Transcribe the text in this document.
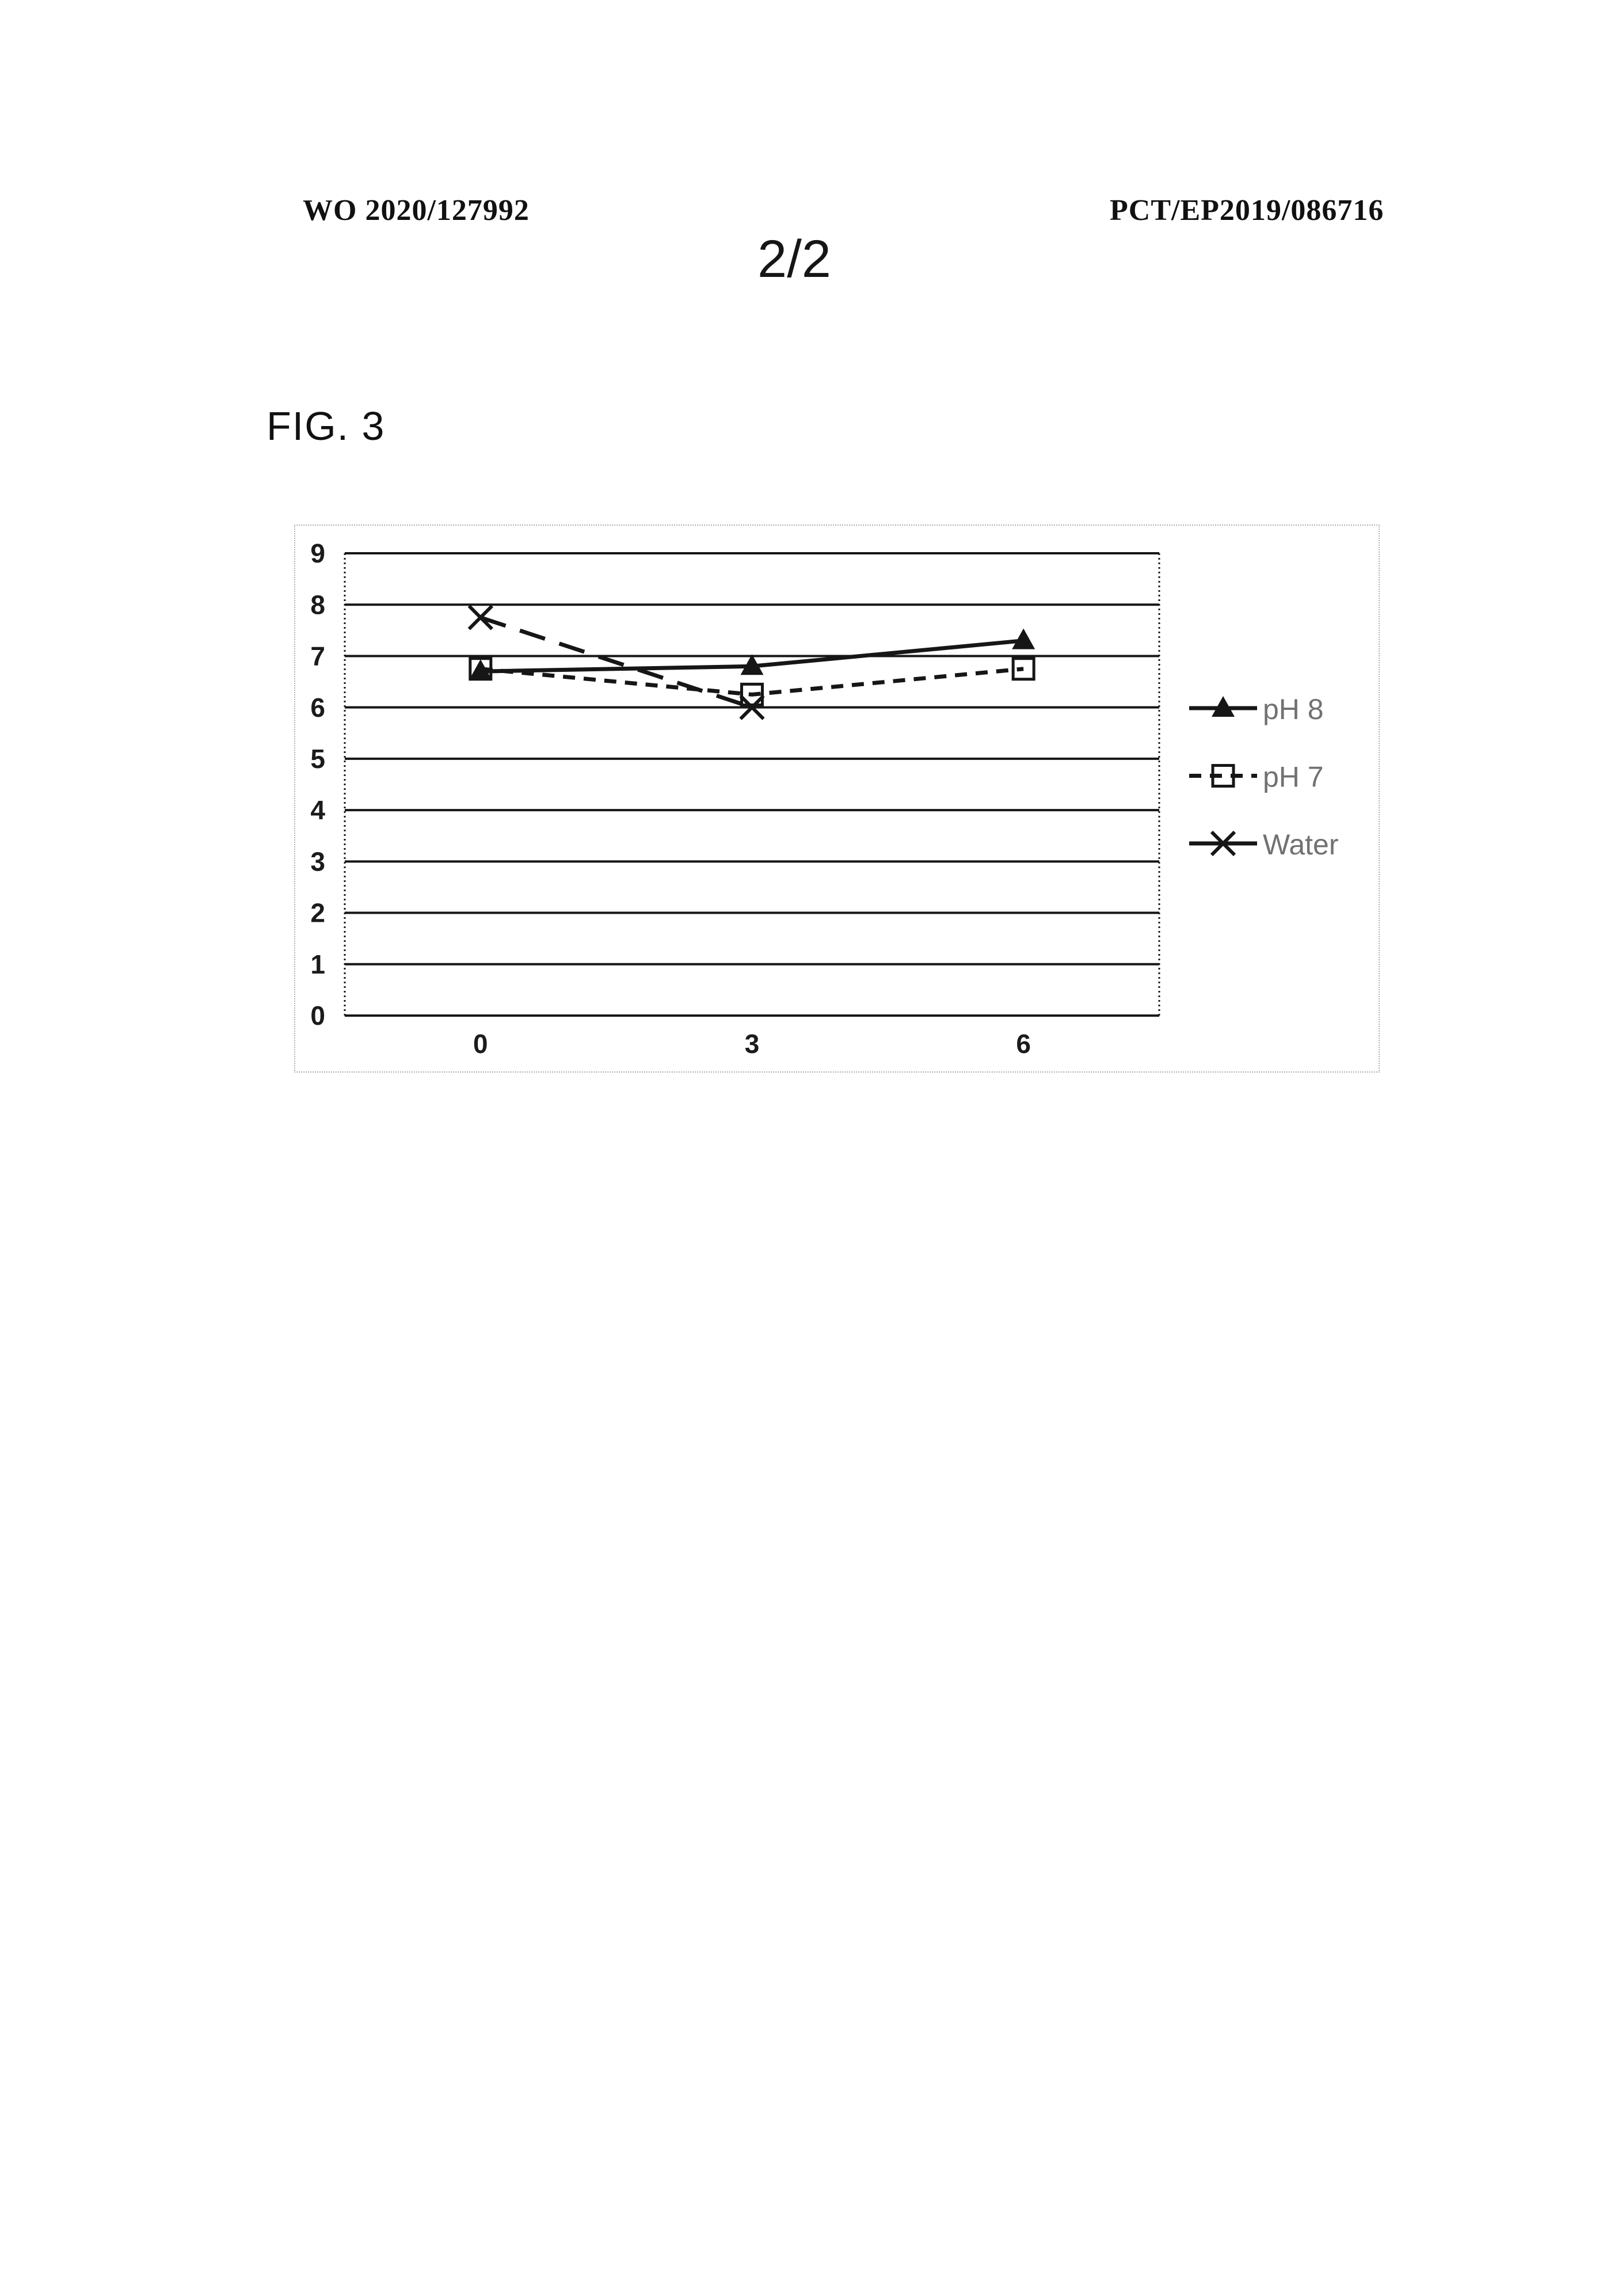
WO 2020/127992	PCT/EP2019/086716
2/2
FIG. 3
0
1
2
3
4
5
6
7
8
9
0	3	6
pH 8
pH 7
Water
